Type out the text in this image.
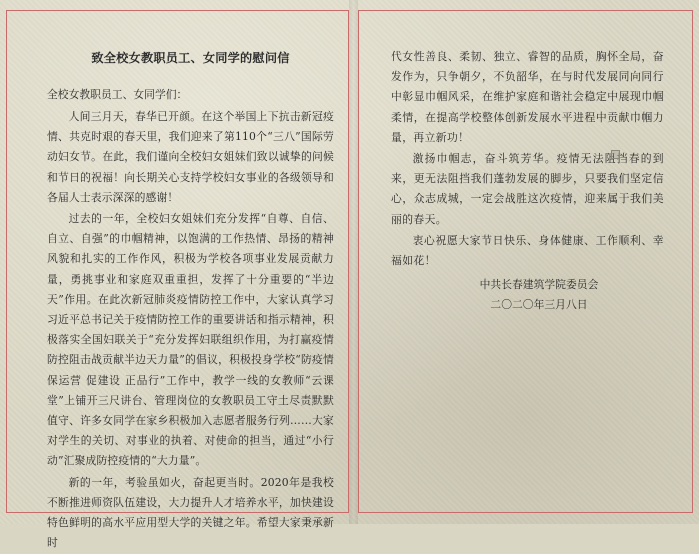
致全校女教职员工、女同学的慰问信
全校女教职员工、女同学们：
人间三月天，春华已开颜。在这个举国上下抗击新冠疫情、共克时艰的春天里，我们迎来了第110个“三八”国际劳动妇女节。在此，我们谨向全校妇女姐妹们致以诚挚的问候和节日的祝福！向长期关心支持学校妇女事业的各级领导和各届人士表示深深的感谢！
过去的一年，全校妇女姐妹们充分发挥“自尊、自信、自立、自强”的巾帼精神，以饱满的工作热情、昂扬的精神风貌和扎实的工作作风，积极为学校各项事业发展贡献力量，勇挑事业和家庭双重重担，发挥了十分重要的“半边天”作用。在此次新冠肺炎疫情防控工作中，大家认真学习习近平总书记关于疫情防控工作的重要讲话和指示精神，积极落实全国妇联关于“充分发挥妇联组织作用，为打赢疫情防控阻击战贡献半边天力量”的倡议，积极投身学校“防疫情 保运营 促建设 正品行”工作中，教学一线的女教师“云课堂”上铺开三尺讲台、管理岗位的女教职员工守土尽责默默值守、许多女同学在家乡积极加入志愿者服务行列……大家对学生的关切、对事业的执着、对使命的担当，通过“小行动”汇聚成防控疫情的“大力量”。
新的一年，考验虽如火，奋起更当时。2020年是我校不断推进师资队伍建设，大力提升人才培养水平，加快建设特色鲜明的高水平应用型大学的关键之年。希望大家秉承新时
代女性善良、柔韧、独立、睿智的品质，胸怀全局，奋发作为，只争朝夕，不负韶华，在与时代发展同向同行中彰显巾帼风采，在维护家庭和谐社会稳定中展现巾帼柔情，在提高学校整体创新发展水平进程中贡献巾帼力量，再立新功！
激扬巾帼志，奋斗筑芳华。疫情无法阻挡春的到来，更无法阻挡我们蓬勃发展的脚步，只要我们坚定信心，众志成城，一定会战胜这次疫情，迎来属于我们美丽的春天。
衷心祝愿大家节日快乐、身体健康、工作顺利、幸福如花！
中共长春建筑学院委员会
二〇二〇年三月八日
